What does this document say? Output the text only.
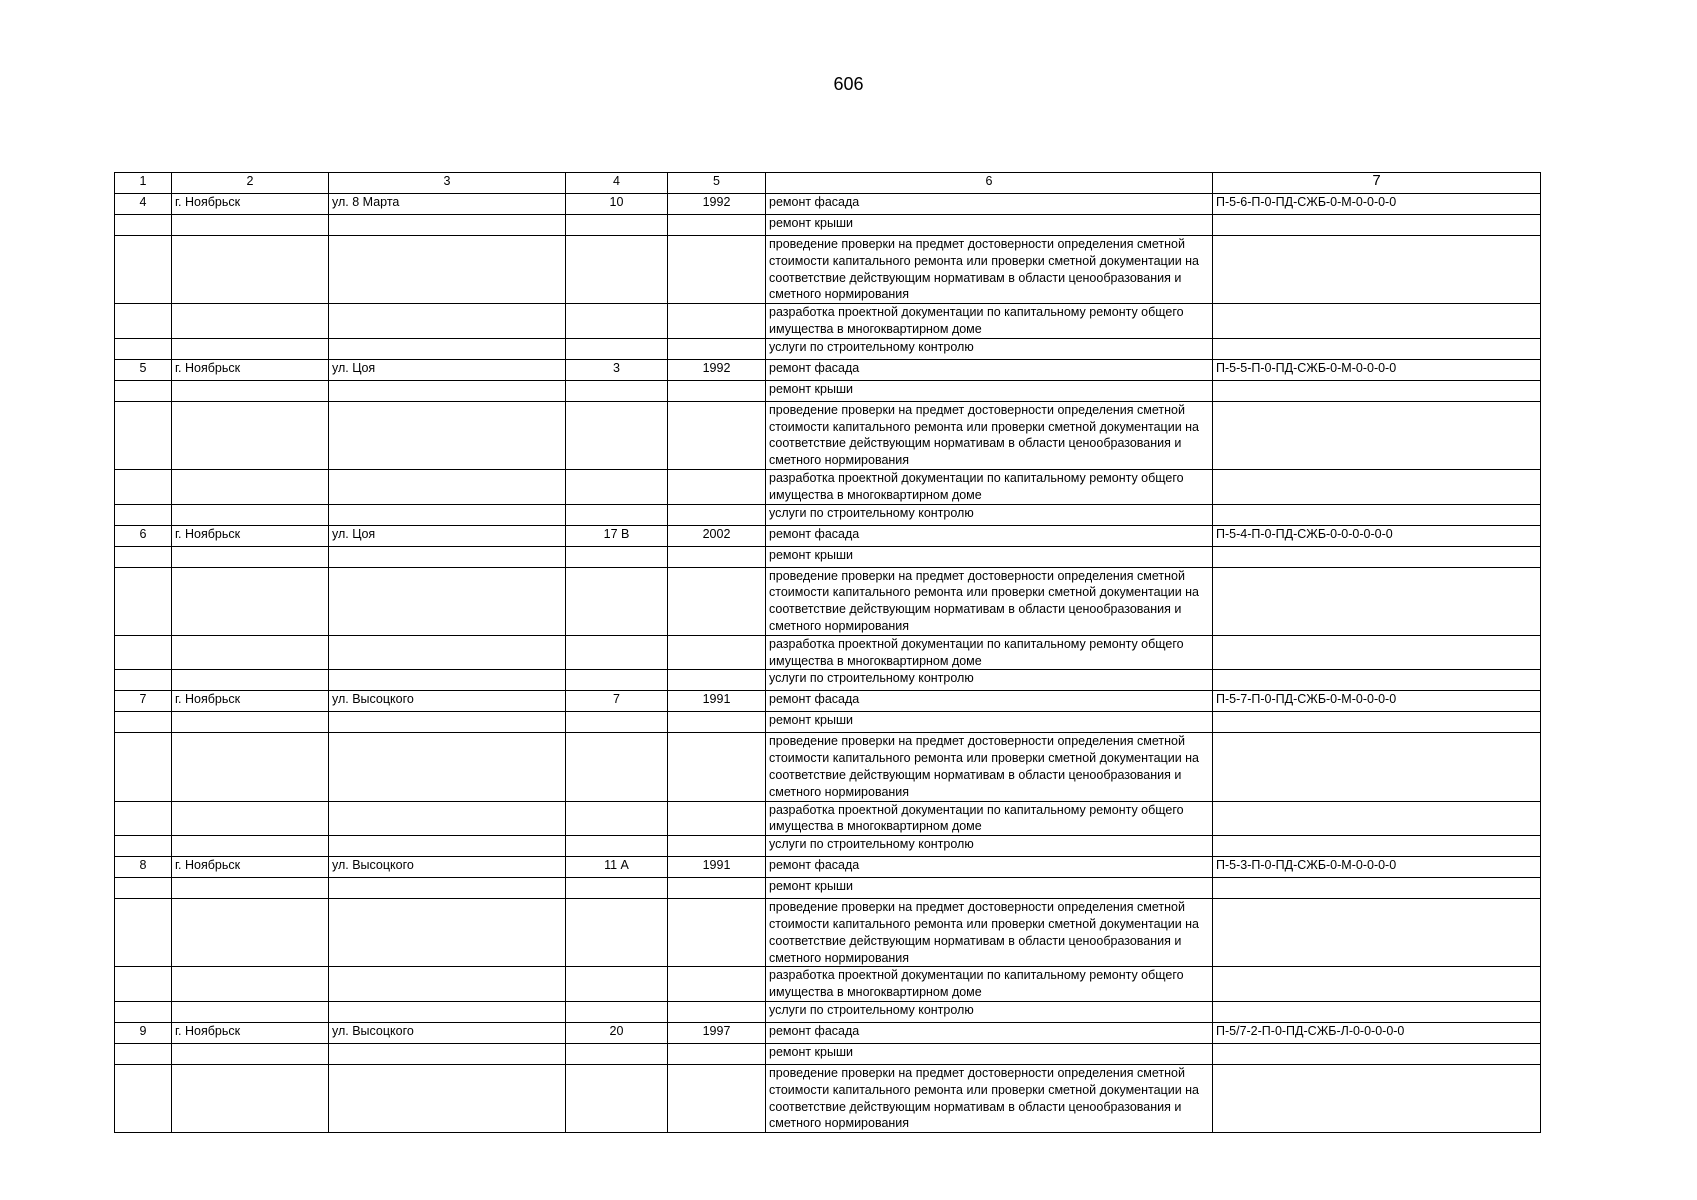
606
1	2	3	4	5	6	7
4	г. Ноябрьск	ул. 8 Марта	10	1992	ремонт фасада	П-5-6-П-0-ПД-СЖБ-0-М-0-0-0-0
					ремонт крыши	
					проведение проверки на предмет достоверности определения сметной стоимости капитального ремонта или проверки сметной документации на соответствие действующим нормативам в области ценообразования и сметного нормирования	
					разработка проектной документации по капитальному ремонту общего имущества в многоквартирном доме	
					услуги по строительному контролю	
5	г. Ноябрьск	ул. Цоя	3	1992	ремонт фасада	П-5-5-П-0-ПД-СЖБ-0-М-0-0-0-0
					ремонт крыши	
					проведение проверки на предмет достоверности определения сметной стоимости капитального ремонта или проверки сметной документации на соответствие действующим нормативам в области ценообразования и сметного нормирования	
					разработка проектной документации по капитальному ремонту общего имущества в многоквартирном доме	
					услуги по строительному контролю	
6	г. Ноябрьск	ул. Цоя	17 В	2002	ремонт фасада	П-5-4-П-0-ПД-СЖБ-0-0-0-0-0-0
					ремонт крыши	
					проведение проверки на предмет достоверности определения сметной стоимости капитального ремонта или проверки сметной документации на соответствие действующим нормативам в области ценообразования и сметного нормирования	
					разработка проектной документации по капитальному ремонту общего имущества в многоквартирном доме	
					услуги по строительному контролю	
7	г. Ноябрьск	ул. Высоцкого	7	1991	ремонт фасада	П-5-7-П-0-ПД-СЖБ-0-М-0-0-0-0
					ремонт крыши	
					проведение проверки на предмет достоверности определения сметной стоимости капитального ремонта или проверки сметной документации на соответствие действующим нормативам в области ценообразования и сметного нормирования	
					разработка проектной документации по капитальному ремонту общего имущества в многоквартирном доме	
					услуги по строительному контролю	
8	г. Ноябрьск	ул. Высоцкого	11 А	1991	ремонт фасада	П-5-3-П-0-ПД-СЖБ-0-М-0-0-0-0
					ремонт крыши	
					проведение проверки на предмет достоверности определения сметной стоимости капитального ремонта или проверки сметной документации на соответствие действующим нормативам в области ценообразования и сметного нормирования	
					разработка проектной документации по капитальному ремонту общего имущества в многоквартирном доме	
					услуги по строительному контролю	
9	г. Ноябрьск	ул. Высоцкого	20	1997	ремонт фасада	П-5/7-2-П-0-ПД-СЖБ-Л-0-0-0-0-0
					ремонт крыши	
					проведение проверки на предмет достоверности определения сметной стоимости капитального ремонта или проверки сметной документации на соответствие действующим нормативам в области ценообразования и сметного нормирования	
